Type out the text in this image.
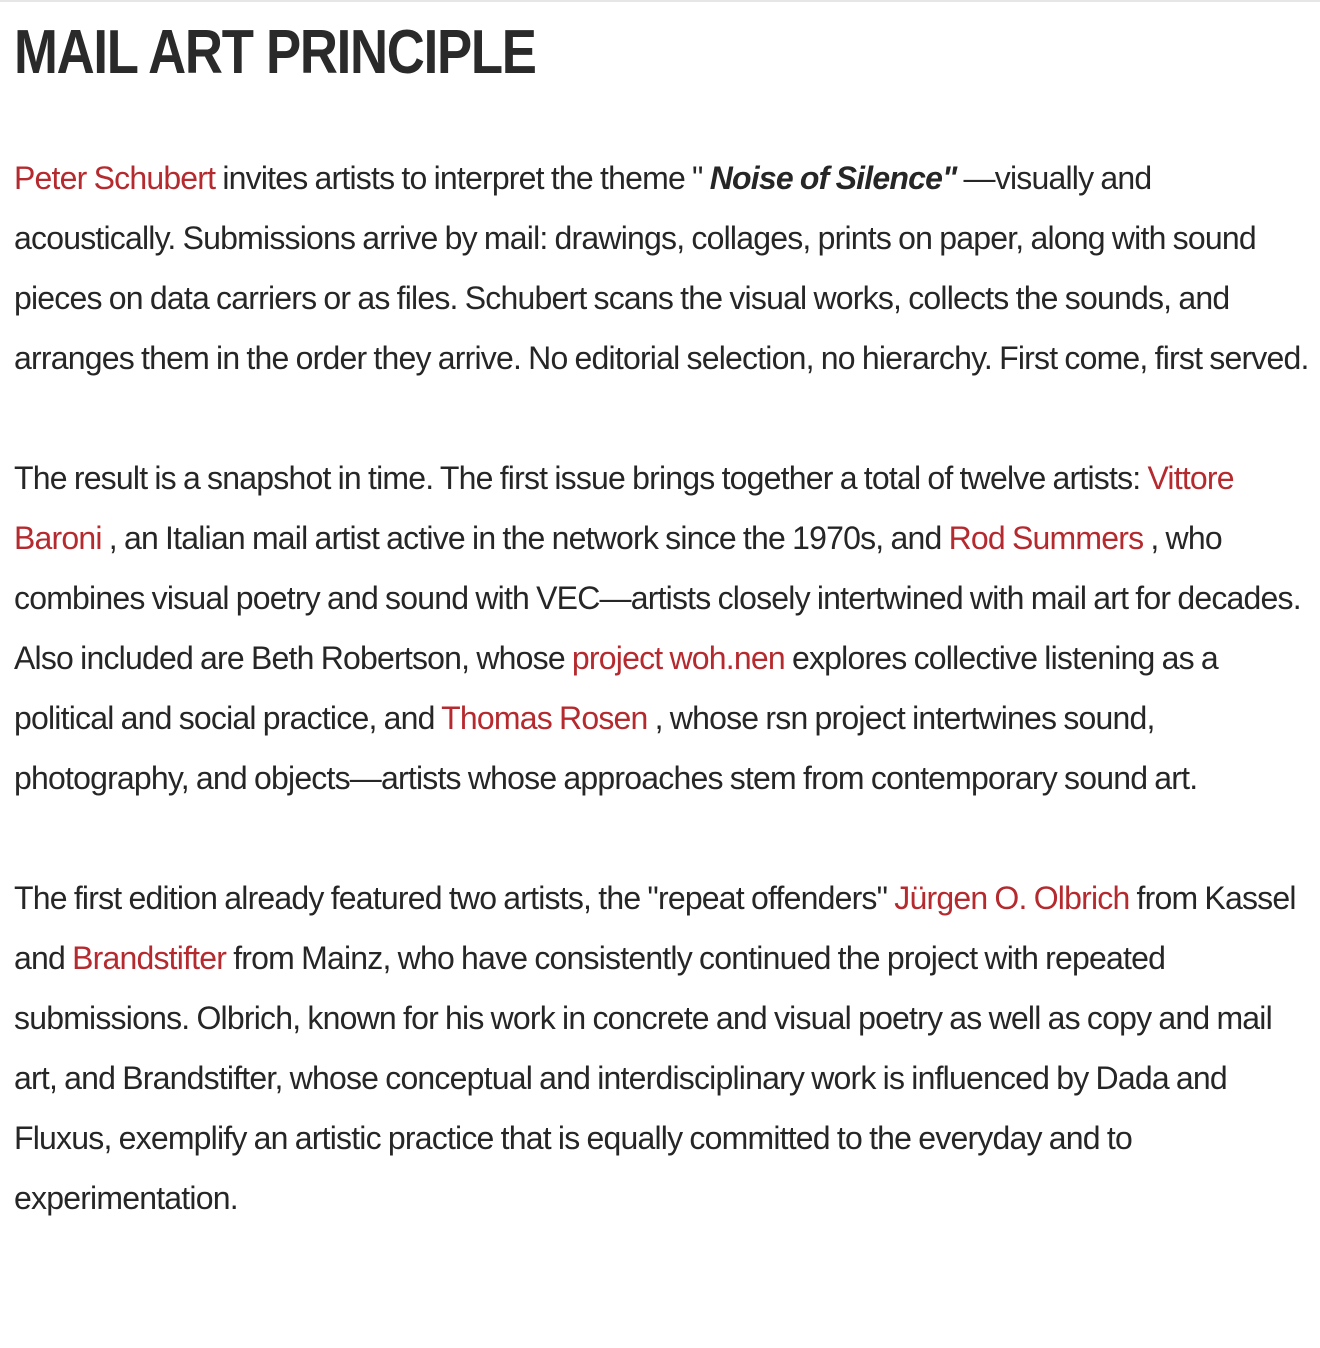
MAIL ART PRINCIPLE

Peter Schubert invites artists to interpret the theme " Noise of Silence" —visually and acoustically. Submissions arrive by mail: drawings, collages, prints on paper, along with sound pieces on data carriers or as files. Schubert scans the visual works, collects the sounds, and arranges them in the order they arrive. No editorial selection, no hierarchy. First come, first served.

The result is a snapshot in time. The first issue brings together a total of twelve artists: Vittore Baroni , an Italian mail artist active in the network since the 1970s, and Rod Summers , who combines visual poetry and sound with VEC—artists closely intertwined with mail art for decades. Also included are Beth Robertson, whose project woh.nen explores collective listening as a political and social practice, and Thomas Rosen , whose rsn project intertwines sound, photography, and objects—artists whose approaches stem from contemporary sound art.

The first edition already featured two artists, the "repeat offenders" Jürgen O. Olbrich from Kassel and Brandstifter from Mainz, who have consistently continued the project with repeated submissions. Olbrich, known for his work in concrete and visual poetry as well as copy and mail art, and Brandstifter, whose conceptual and interdisciplinary work is influenced by Dada and Fluxus, exemplify an artistic practice that is equally committed to the everyday and to experimentation.
